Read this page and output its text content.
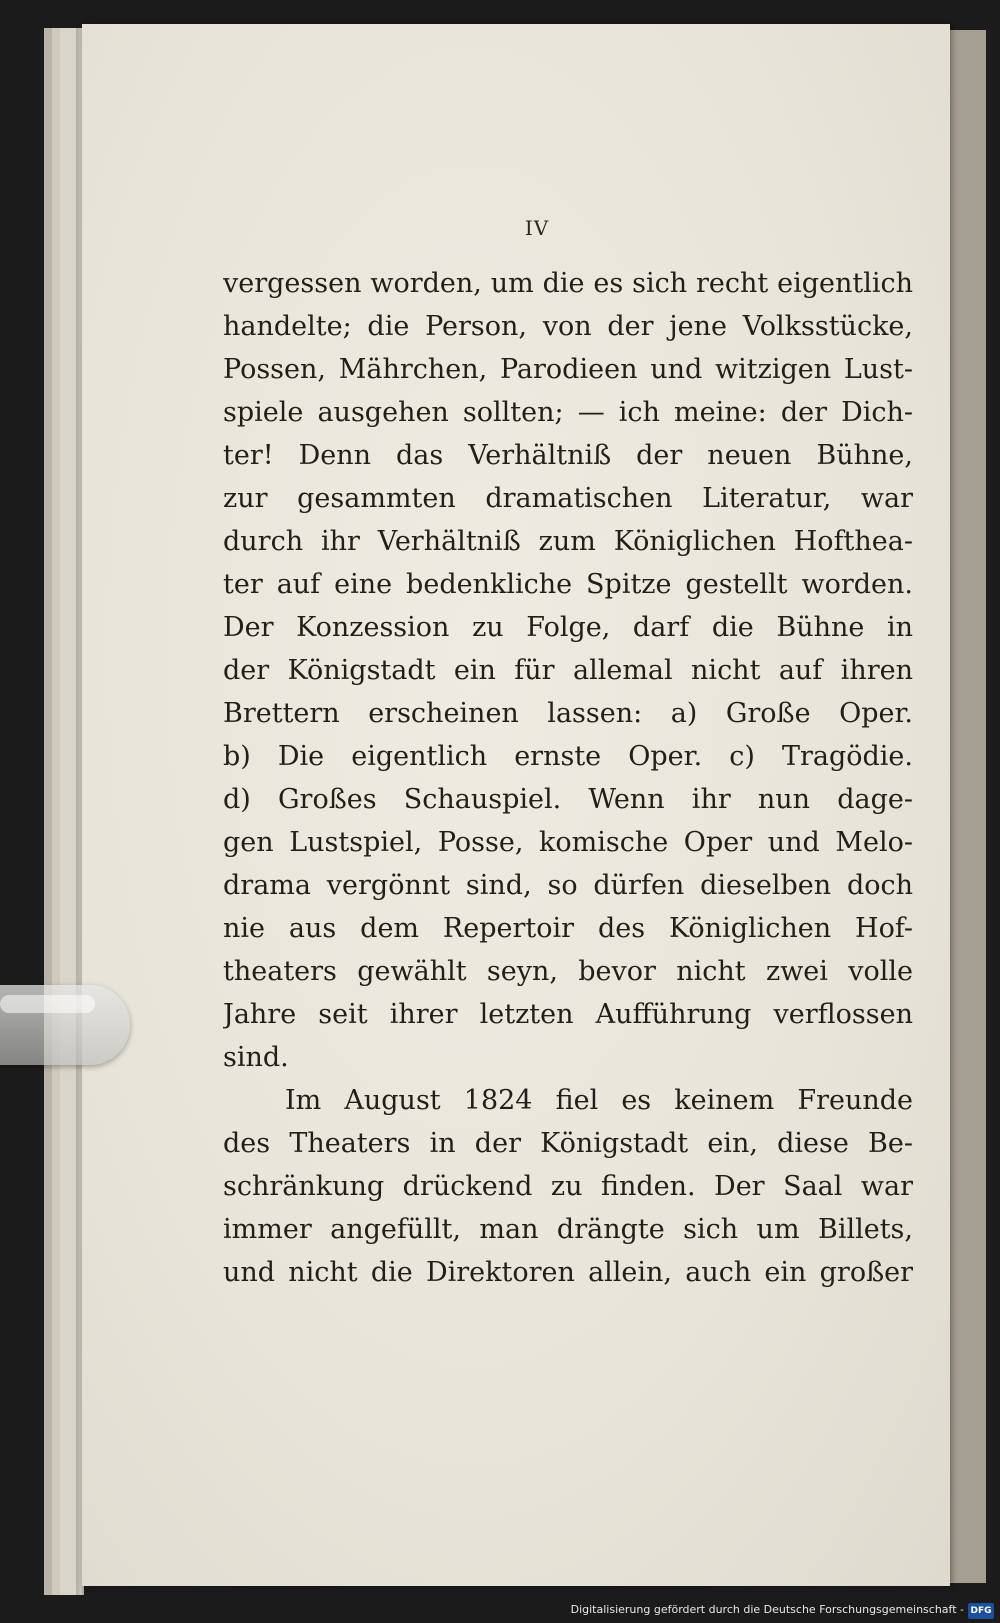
IV
vergessen worden, um die es sich recht eigentlich
handelte; die Person, von der jene Volksstücke,
Possen, Mährchen, Parodieen und witzigen Lust-
spiele ausgehen sollten; — ich meine: der Dich-
ter! Denn das Verhältniß der neuen Bühne,
zur gesammten dramatischen Literatur, war
durch ihr Verhältniß zum Königlichen Hofthea-
ter auf eine bedenkliche Spitze gestellt worden.
Der Konzession zu Folge, darf die Bühne in
der Königstadt ein für allemal nicht auf ihren
Brettern erscheinen lassen: a) Große Oper.
b) Die eigentlich ernste Oper. c) Tragödie.
d) Großes Schauspiel. Wenn ihr nun dage-
gen Lustspiel, Posse, komische Oper und Melo-
drama vergönnt sind, so dürfen dieselben doch
nie aus dem Repertoir des Königlichen Hof-
theaters gewählt seyn, bevor nicht zwei volle
Jahre seit ihrer letzten Aufführung verflossen
sind.
Im August 1824 fiel es keinem Freunde
des Theaters in der Königstadt ein, diese Be-
schränkung drückend zu finden. Der Saal war
immer angefüllt, man drängte sich um Billets,
und nicht die Direktoren allein, auch ein großer
Digitalisierung gefördert durch die Deutsche Forschungsgemeinschaft - DFG
